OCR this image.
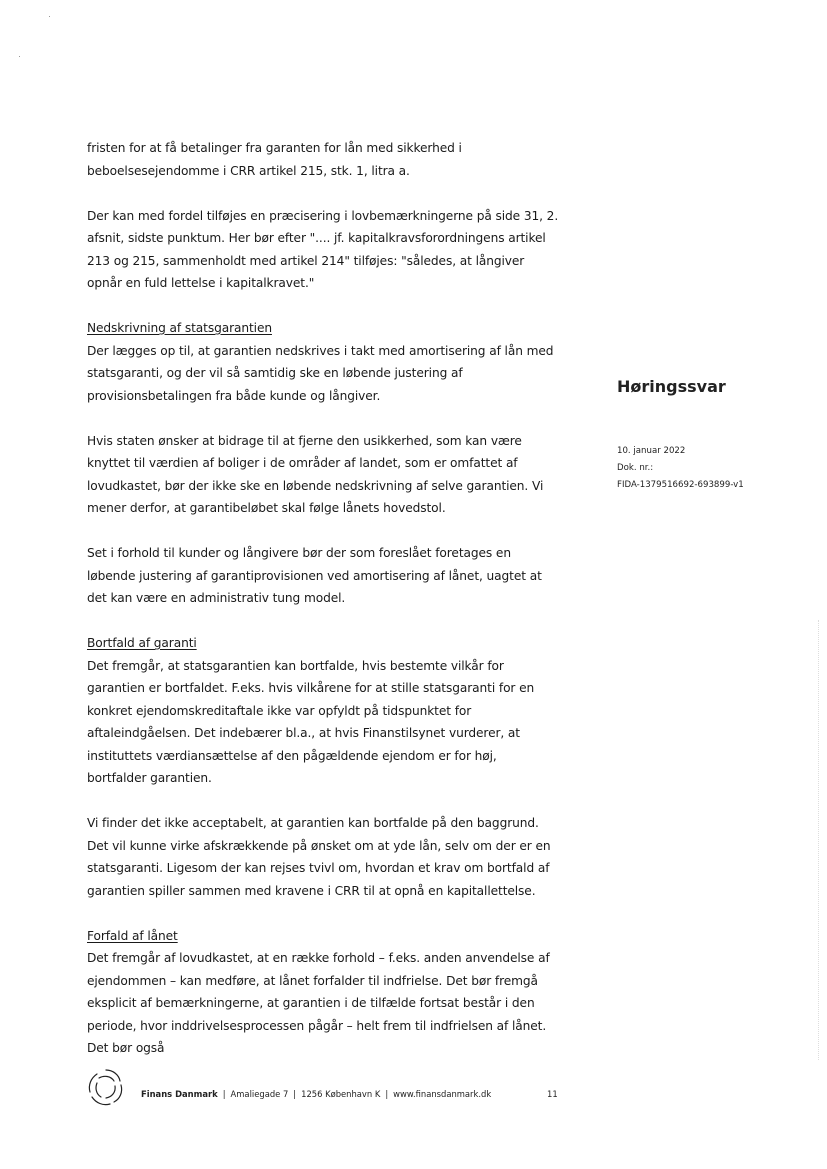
fristen for at få betalinger fra garanten for lån med sikkerhed i beboelsesejendomme i CRR artikel 215, stk. 1, litra a.

Der kan med fordel tilføjes en præcisering i lovbemærkningerne på side 31, 2. afsnit, sidste punktum. Her bør efter ".... jf. kapitalkravsforordningens artikel 213 og 215, sammenholdt med artikel 214" tilføjes: "således, at långiver opnår en fuld lettelse i kapitalkravet."

Nedskrivning af statsgarantien

Der lægges op til, at garantien nedskrives i takt med amortisering af lån med statsgaranti, og der vil så samtidig ske en løbende justering af provisionsbetalingen fra både kunde og långiver.

Hvis staten ønsker at bidrage til at fjerne den usikkerhed, som kan være knyttet til værdien af boliger i de områder af landet, som er omfattet af lovudkastet, bør der ikke ske en løbende nedskrivning af selve garantien. Vi mener derfor, at garantibeløbet skal følge lånets hovedstol.

Set i forhold til kunder og långivere bør der som foreslået foretages en løbende justering af garantiprovisionen ved amortisering af lånet, uagtet at det kan være en administrativ tung model.

Bortfald af garanti

Det fremgår, at statsgarantien kan bortfalde, hvis bestemte vilkår for garantien er bortfaldet. F.eks. hvis vilkårene for at stille statsgaranti for en konkret ejendomskreditaftale ikke var opfyldt på tidspunktet for aftaleindgåelsen. Det indebærer bl.a., at hvis Finanstilsynet vurderer, at instituttets værdiansættelse af den pågældende ejendom er for høj, bortfalder garantien.

Vi finder det ikke acceptabelt, at garantien kan bortfalde på den baggrund. Det vil kunne virke afskrækkende på ønsket om at yde lån, selv om der er en statsgaranti. Ligesom der kan rejses tvivl om, hvordan et krav om bortfald af garantien spiller sammen med kravene i CRR til at opnå en kapitallettelse.

Forfald af lånet

Det fremgår af lovudkastet, at en række forhold – f.eks. anden anvendelse af ejendommen – kan medføre, at lånet forfalder til indfrielse. Det bør fremgå eksplicit af bemærkningerne, at garantien i de tilfælde fortsat består i den periode, hvor inddrivelsesprocessen pågår – helt frem til indfrielsen af lånet. Det bør også

Høringssvar
10. januar 2022
Dok. nr.:
FIDA-1379516692-693899-v1
Finans Danmark | Amaliegade 7 | 1256 København K | www.finansdanmark.dk	11
